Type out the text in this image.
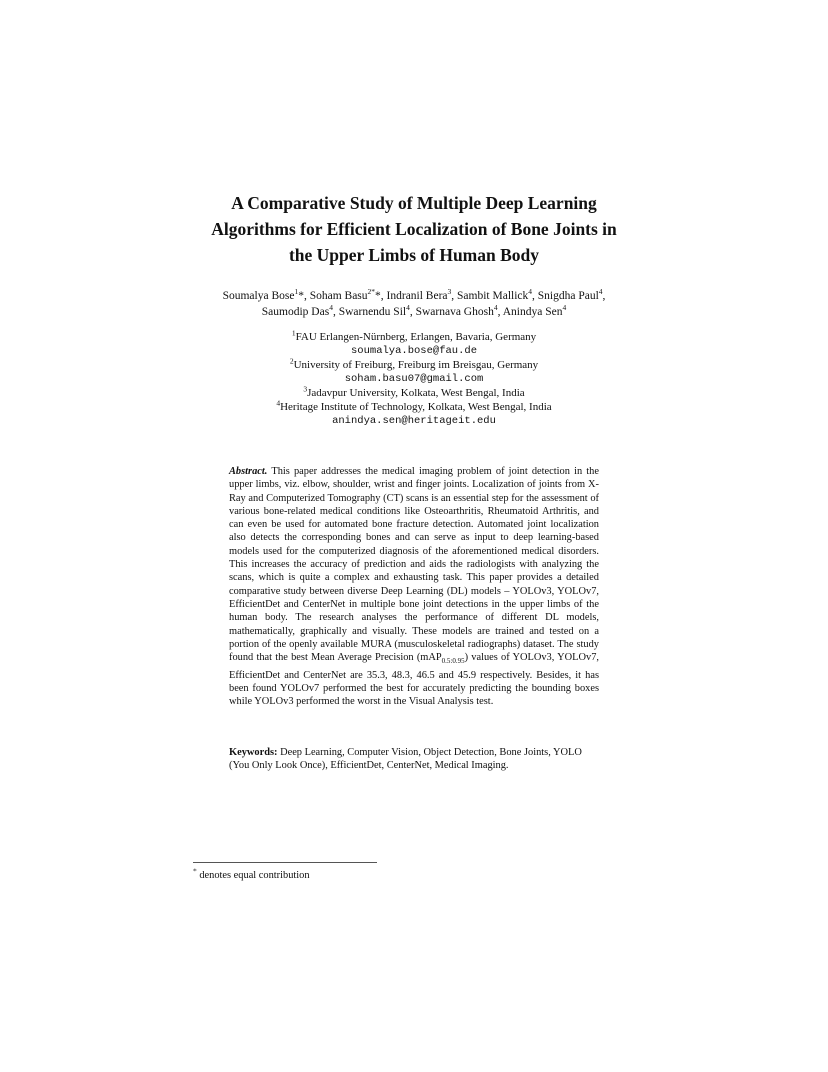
A Comparative Study of Multiple Deep Learning
Algorithms for Efficient Localization of Bone Joints in
the Upper Limbs of Human Body
Soumalya Bose$^1$*, Soham Basu$^{2*}$*, Indranil Bera$^3$, Sambit Mallick$^4$, Snigdha Paul$^4$,
Saumodip Das$^4$, Swarnendu Sil$^4$, Swarnava Ghosh$^4$, Anindya Sen$^4$
$^1$FAU Erlangen-Nürnberg, Erlangen, Bavaria, Germany
soumalya.bose@fau.de
$^2$University of Freiburg, Freiburg im Breisgau, Germany
soham.basu07@gmail.com
$^3$Jadavpur University, Kolkata, West Bengal, India
$^4$Heritage Institute of Technology, Kolkata, West Bengal, India
anindya.sen@heritageit.edu
Abstract. This paper addresses the medical imaging problem of joint detection in the upper limbs, viz. elbow, shoulder, wrist and finger joints. Localization of joints from X-Ray and Computerized Tomography (CT) scans is an essential step for the assessment of various bone-related medical conditions like Osteoarthritis, Rheumatoid Arthritis, and can even be used for automated bone fracture detection. Automated joint localization also detects the corresponding bones and can serve as input to deep learning-based models used for the computerized diagnosis of the aforementioned medical disorders. This increases the accuracy of prediction and aids the radiologists with analyzing the scans, which is quite a complex and exhausting task. This paper provides a detailed comparative study between diverse Deep Learning (DL) models – YOLOv3, YOLOv7, EfficientDet and CenterNet in multiple bone joint detections in the upper limbs of the human body. The research analyses the performance of different DL models, mathematically, graphically and visually. These models are trained and tested on a portion of the openly available MURA (musculoskeletal radiographs) dataset. The study found that the best Mean Average Precision (mAP$_{0.5:0.95}$) values of YOLOv3, YOLOv7, EfficientDet and CenterNet are 35.3, 48.3, 46.5 and 45.9 respectively. Besides, it has been found YOLOv7 performed the best for accurately predicting the bounding boxes while YOLOv3 performed the worst in the Visual Analysis test.
Keywords: Deep Learning, Computer Vision, Object Detection, Bone Joints, YOLO (You Only Look Once), EfficientDet, CenterNet, Medical Imaging.
* denotes equal contribution
